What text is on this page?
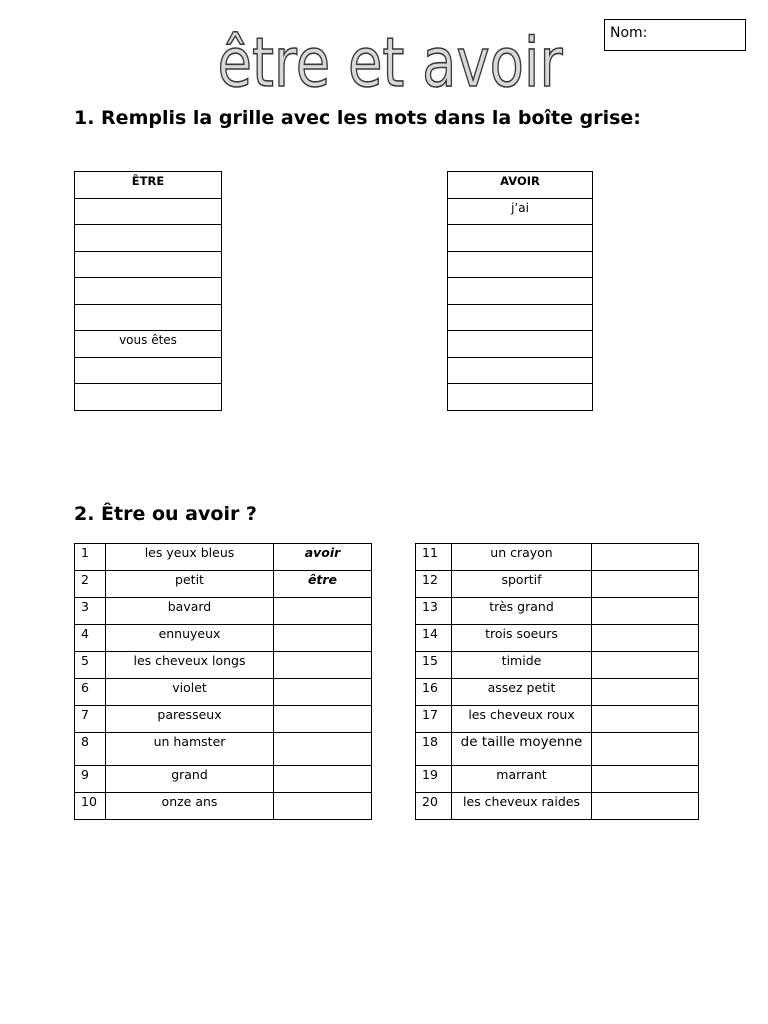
être et avoir	Nom:
1. Remplis la grille avec les mots dans la boîte grise:
ÊTRE

vous êtes

AVOIR
j’ai

2. Être ou avoir ?
1	les yeux bleus	avoir
2	petit	être
3	bavard	
4	ennuyeux	
5	les cheveux longs	
6	violet	
7	paresseux	
8	un hamster	
9	grand	
10	onze ans	
11	un crayon	
12	sportif	
13	très grand	
14	trois soeurs	
15	timide	
16	assez petit	
17	les cheveux roux	
18	de taille moyenne	
19	marrant	
20	les cheveux raides	
